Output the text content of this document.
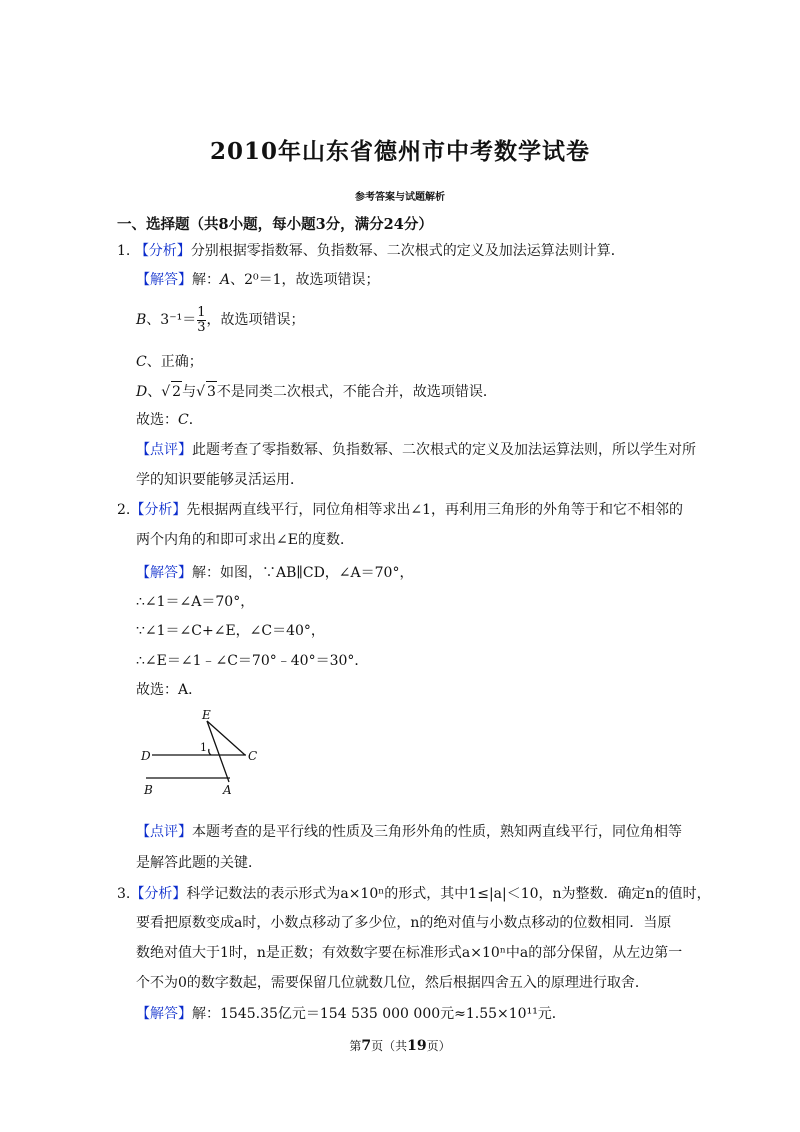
2010年山东省德州市中考数学试卷
参考答案与试题解析
一、选择题（共8小题，每小题3分，满分24分）
1. 【分析】分别根据零指数幂、负指数幂、二次根式的定义及加法运算法则计算．
【解答】解：A、2⁰＝1，故选项错误；
B、$3^{-1}= \frac{1}{3}$ ，故选项错误；
C、正确；
D、√ 2与√ 3不是同类二次根式，不能合并，故选项错误．
故选：C．
【点评】此题考查了零指数幂、负指数幂、二次根式的定义及加法运算法则，所以学生对所
学的知识要能够灵活运用．
2.【分析】先根据两直线平行，同位角相等求出∠1，再利用三角形的外角等于和它不相邻的
两个内角的和即可求出∠E的度数．
【解答】解：如图，∵AB∥CD，∠A＝70°，
∴∠1＝∠A＝70°，
∵∠1＝∠C+∠E，∠C＝40°，
∴∠E＝∠1﹣∠C＝70°﹣40°＝30°．
故选：A．
E
D	C
B	A
1
【点评】本题考查的是平行线的性质及三角形外角的性质，熟知两直线平行，同位角相等
是解答此题的关键．
3.【分析】科学记数法的表示形式为a×10ⁿ的形式，其中1≤|a|＜10，n为整数．确定n的值时，
要看把原数变成a时，小数点移动了多少位，n的绝对值与小数点移动的位数相同．当原
数绝对值大于1时，n是正数；有效数字要在标准形式a×10ⁿ中a的部分保留，从左边第一
个不为0的数字数起，需要保留几位就数几位，然后根据四舍五入的原理进行取舍．
【解答】解：1545.35亿元＝154 535 000 000元≈1.55×10¹¹元．
第7页（共19页）
